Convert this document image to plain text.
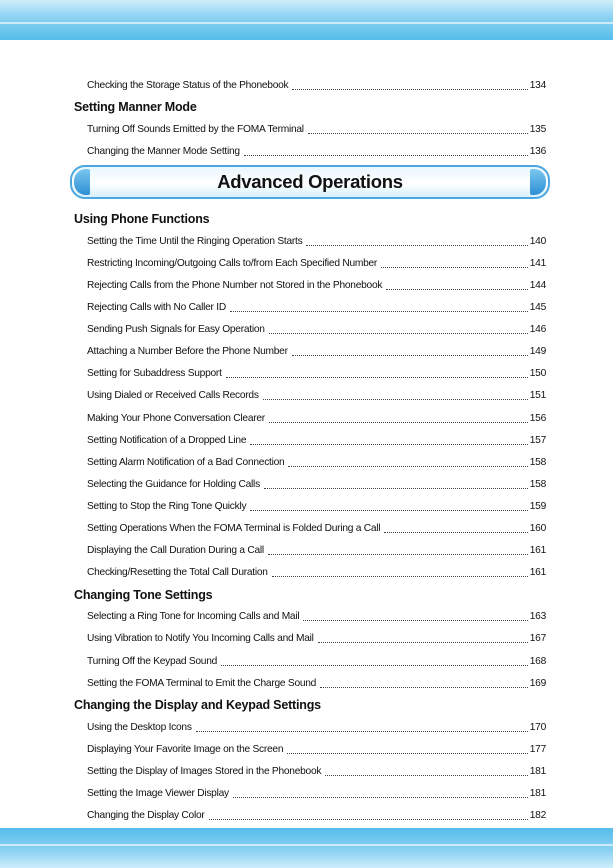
Checking the Storage Status of the Phonebook	134
Setting Manner Mode
Turning Off Sounds Emitted by the FOMA Terminal	135
Changing the Manner Mode Setting	136
Advanced Operations
Using Phone Functions
Setting the Time Until the Ringing Operation Starts	140
Restricting Incoming/Outgoing Calls to/from Each Specified Number	141
Rejecting Calls from the Phone Number not Stored in the Phonebook	144
Rejecting Calls with No Caller ID	145
Sending Push Signals for Easy Operation	146
Attaching a Number Before the Phone Number	149
Setting for Subaddress Support	150
Using Dialed or Received Calls Records	151
Making Your Phone Conversation Clearer	156
Setting Notification of a Dropped Line	157
Setting Alarm Notification of a Bad Connection	158
Selecting the Guidance for Holding Calls	158
Setting to Stop the Ring Tone Quickly	159
Setting Operations When the FOMA Terminal is Folded During a Call	160
Displaying the Call Duration During a Call	161
Checking/Resetting the Total Call Duration	161
Changing Tone Settings
Selecting a Ring Tone for Incoming Calls and Mail	163
Using Vibration to Notify You Incoming Calls and Mail	167
Turning Off the Keypad Sound	168
Setting the FOMA Terminal to Emit the Charge Sound	169
Changing the Display and Keypad Settings
Using the Desktop Icons	170
Displaying Your Favorite Image on the Screen	177
Setting the Display of Images Stored in the Phonebook	181
Setting the Image Viewer Display	181
Changing the Display Color	182
